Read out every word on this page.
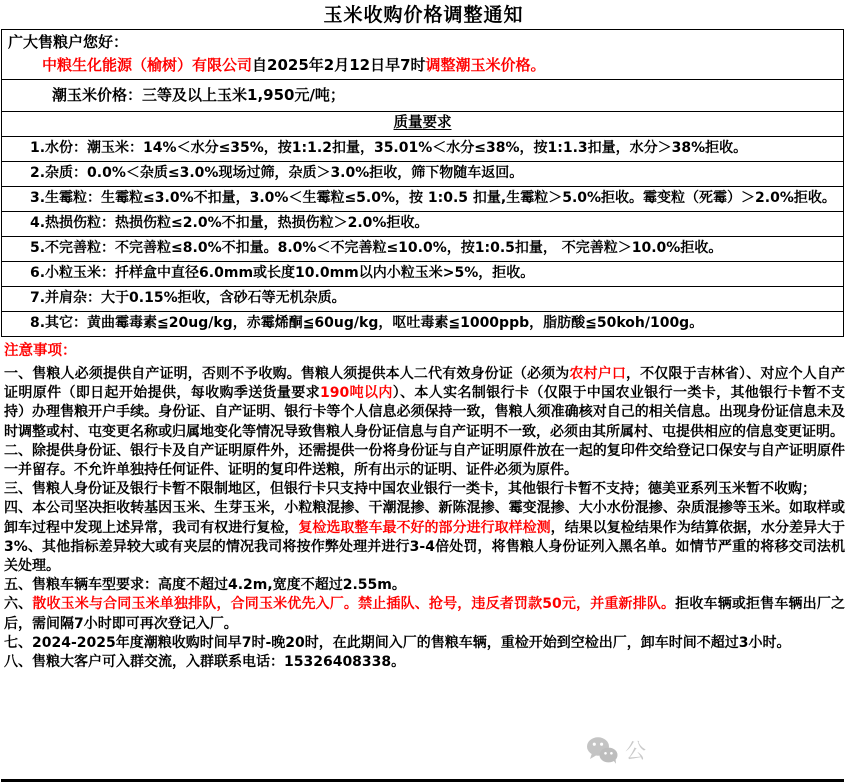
玉米收购价格调整通知
广大售粮户您好：
中粮生化能源（榆树）有限公司自2025年2月12日早7时调整潮玉米价格。

潮玉米价格：三等及以上玉米1,950元/吨；

质量要求

1.水份：潮玉米：14%＜水分≤35%，按1:1.2扣量，35.01%＜水分≤38%，按1:1.3扣量，水分＞38%拒收。

2.杂质：0.0%＜杂质≤3.0%现场过筛，杂质＞3.0%拒收，筛下物随车返回。

3.生霉粒：生霉粒≤3.0%不扣量，3.0%＜生霉粒≤5.0%，按 1:0.5 扣量,生霉粒＞5.0%拒收。霉变粒（死霉）＞2.0%拒收。

4.热损伤粒：热损伤粒≤2.0%不扣量，热损伤粒＞2.0%拒收。

5.不完善粒：不完善粒≤8.0%不扣量。8.0%＜不完善粒≤10.0%，按1:0.5扣量， 不完善粒＞10.0%拒收。

6.小粒玉米：扦样盒中直径6.0mm或长度10.0mm以内小粒玉米>5%，拒收。

7.并肩杂：大于0.15%拒收，含砂石等无机杂质。

8.其它：黄曲霉毒素≦20ug/kg，赤霉烯酮≦60ug/kg，呕吐毒素≦1000ppb，脂肪酸≦50koh/100g。
注意事项：
一、售粮人必须提供自产证明，否则不予收购。售粮人须提供本人二代有效身份证（必须为农村户口，不仅限于吉林省）、对应个人自产证明原件（即日起开始提供，每收购季送货量要求190吨以内）、本人实名制银行卡（仅限于中国农业银行一类卡，其他银行卡暂不支持）办理售粮开户手续。身份证、自产证明、银行卡等个人信息必须保持一致，售粮人须准确核对自己的相关信息。出现身份证信息未及时调整或村、屯变更名称或归属地变化等情况导致售粮人身份证信息与自产证明不一致，必须由其所属村、屯提供相应的信息变更证明。
二、除提供身份证、银行卡及自产证明原件外，还需提供一份将身份证与自产证明原件放在一起的复印件交给登记口保安与自产证明原件一并留存。不允许单独持任何证件、证明的复印件送粮，所有出示的证明、证件必须为原件。
三、售粮人身份证及银行卡暂不限制地区，但银行卡只支持中国农业银行一类卡，其他银行卡暂不支持；德美亚系列玉米暂不收购；
四、本公司坚决拒收转基因玉米、生芽玉米，小粒粮混掺、干潮混掺、新陈混掺、霉变混掺、大小水份混掺、杂质混掺等玉米。如取样或卸车过程中发现上述异常，我司有权进行复检，复检选取整车最不好的部分进行取样检测，结果以复检结果作为结算依据，水分差异大于3%、其他指标差异较大或有夹层的情况我司将按作弊处理并进行3-4倍处罚，将售粮人身份证列入黑名单。如情节严重的将移交司法机关处理。
五、售粮车辆车型要求：高度不超过4.2m,宽度不超过2.55m。
六、散收玉米与合同玉米单独排队，合同玉米优先入厂。禁止插队、抢号，违反者罚款50元，并重新排队。拒收车辆或拒售车辆出厂之后，需间隔7小时即可再次登记入厂。
七、2024-2025年度潮粮收购时间早7时-晚20时，在此期间入厂的售粮车辆，重检开始到空检出厂，卸车时间不超过3小时。
八、售粮大客户可入群交流，入群联系电话：15326408338。
公
